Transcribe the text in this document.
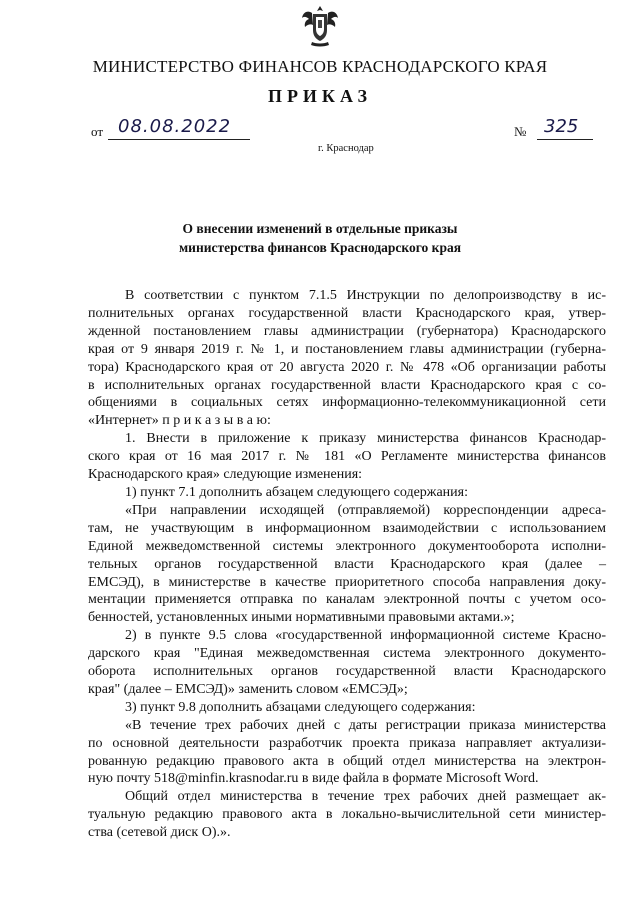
МИНИСТЕРСТВО ФИНАНСОВ КРАСНОДАРСКОГО КРАЯ
ПРИКАЗ
от 08.08.2022	№ 325
г. Краснодар
О внесении изменений в отдельные приказы
министерства финансов Краснодарского края

В соответствии с пунктом 7.1.5 Инструкции по делопроизводству в ис-

полнительных органах государственной власти Краснодарского края, утвер-

жденной постановлением главы администрации (губернатора) Краснодарского

края от 9 января 2019 г. № 1, и постановлением главы администрации (губерна-

тора) Краснодарского края от 20 августа 2020 г. № 478 «Об организации работы

в исполнительных органах государственной власти Краснодарского края с со-

общениями в социальных сетях информационно-телекоммуникационной сети

«Интернет» п р и к а з ы в а ю:

1. Внести в приложение к приказу министерства финансов Краснодар-

ского края от 16 мая 2017 г. № 181 «О Регламенте министерства финансов

Краснодарского края» следующие изменения:

1) пункт 7.1 дополнить абзацем следующего содержания:

«При направлении исходящей (отправляемой) корреспонденции адреса-

там, не участвующим в информационном взаимодействии с использованием

Единой межведомственной системы электронного документооборота исполни-

тельных органов государственной власти Краснодарского края (далее –

ЕМСЭД), в министерстве в качестве приоритетного способа направления доку-

ментации применяется отправка по каналам электронной почты с учетом осо-

бенностей, установленных иными нормативными правовыми актами.»;

2) в пункте 9.5 слова «государственной информационной системе Красно-

дарского края "Единая межведомственная система электронного документо-

оборота исполнительных органов государственной власти Краснодарского

края" (далее – ЕМСЭД)» заменить словом «ЕМСЭД»;

3) пункт 9.8 дополнить абзацами следующего содержания:

«В течение трех рабочих дней с даты регистрации приказа министерства

по основной деятельности разработчик проекта приказа направляет актуализи-

рованную редакцию правового акта в общий отдел министерства на электрон-

ную почту 518@minfin.krasnodar.ru в виде файла в формате Microsoft Word.

Общий отдел министерства в течение трех рабочих дней размещает ак-

туальную редакцию правового акта в локально-вычислительной сети министер-

ства (сетевой диск О).».
